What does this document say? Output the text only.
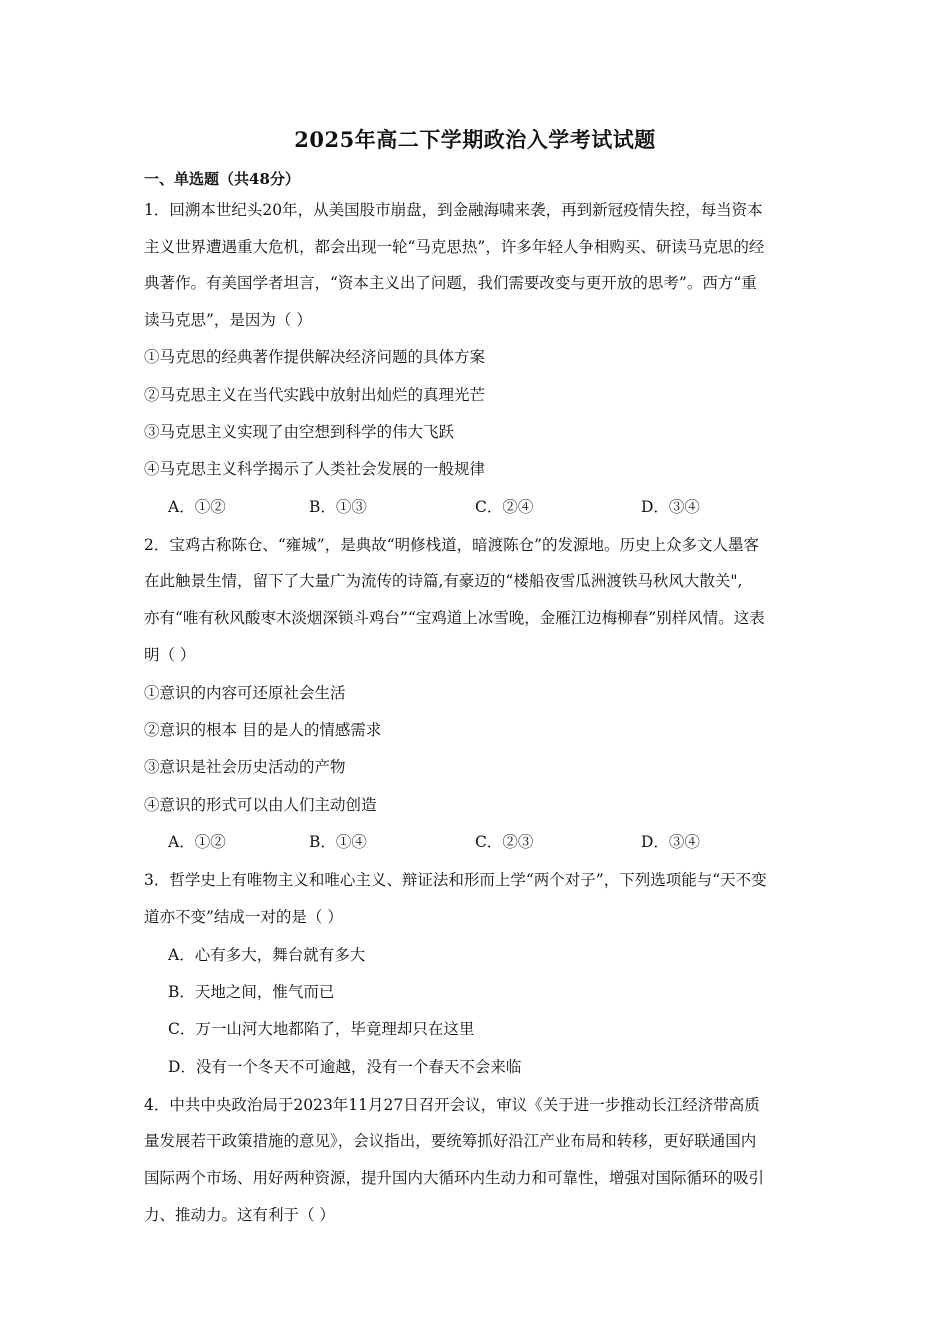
2025年高二下学期政治入学考试试题
一、单选题（共48分）
1．回溯本世纪头20年，从美国股市崩盘，到金融海啸来袭，再到新冠疫情失控，每当资本
主义世界遭遇重大危机，都会出现一轮“马克思热”，许多年轻人争相购买、研读马克思的经
典著作。有美国学者坦言，“资本主义出了问题，我们需要改变与更开放的思考”。西方“重
读马克思”，是因为（ ）
①马克思的经典著作提供解决经济问题的具体方案
②马克思主义在当代实践中放射出灿烂的真理光芒
③马克思主义实现了由空想到科学的伟大飞跃
④马克思主义科学揭示了人类社会发展的一般规律
A．①②	B．①③	C．②④	D．③④
2．宝鸡古称陈仓、“雍城”，是典故“明修栈道，暗渡陈仓”的发源地。历史上众多文人墨客
在此触景生情，留下了大量广为流传的诗篇,有豪迈的“楼船夜雪瓜洲渡铁马秋风大散关",
亦有“唯有秋风酸枣木淡烟深锁斗鸡台”“宝鸡道上冰雪晚，金雁江边梅柳春”别样风情。这表
明（ ）
①意识的内容可还原社会生活
②意识的根本 目的是人的情感需求
③意识是社会历史活动的产物
④意识的形式可以由人们主动创造
A．①②	B．①④	C．②③	D．③④
3．哲学史上有唯物主义和唯心主义、辩证法和形而上学“两个对子”，下列选项能与“天不变
道亦不变”结成一对的是（ ）
A．心有多大，舞台就有多大
B．天地之间，惟气而已
C．万一山河大地都陷了，毕竟理却只在这里
D．没有一个冬天不可逾越，没有一个春天不会来临
4．中共中央政治局于2023年11月27日召开会议，审议《关于进一步推动长江经济带高质
量发展若干政策措施的意见》，会议指出，要统筹抓好沿江产业布局和转移，更好联通国内
国际两个市场、用好两种资源，提升国内大循环内生动力和可靠性，增强对国际循环的吸引
力、推动力。这有利于（ ）
